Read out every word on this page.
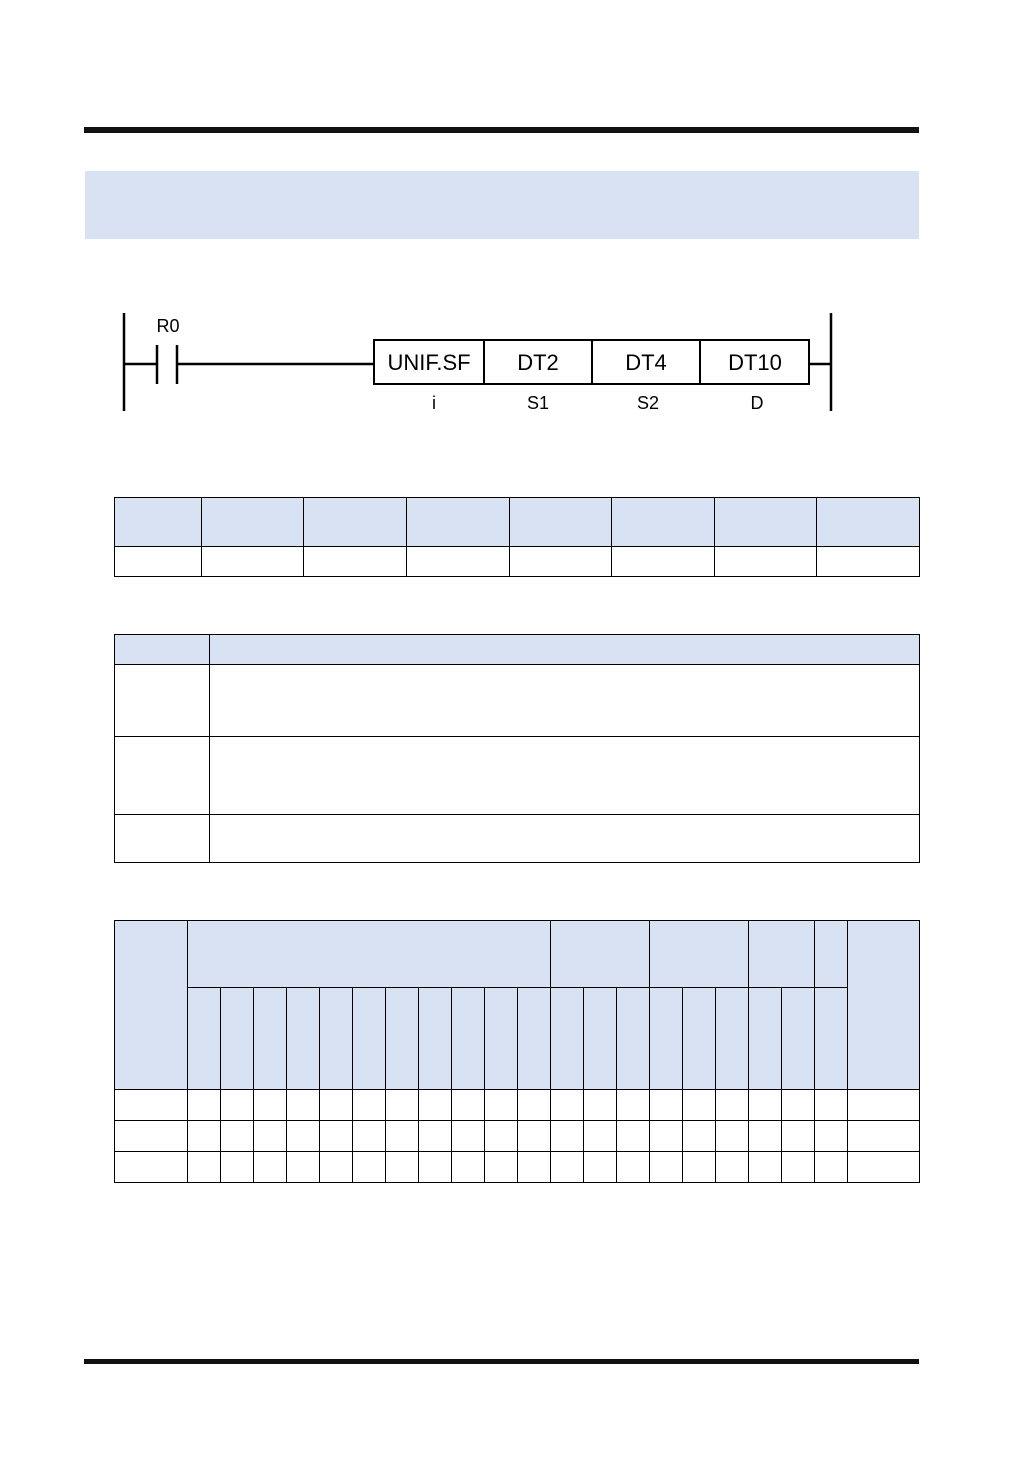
UNIF.SF DT2	DT4	DT10
R0
i	S1	S2	D
